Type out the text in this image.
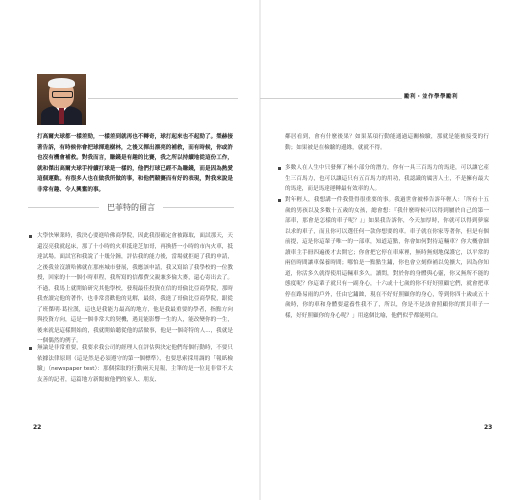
打高爾夫球都一樣差勁，一樣差到就再也不轉奇，球打起來也不起勁了。榮赫接著告訴，有時候你會把球揮進樹林，之後又揮出漂亮的補救，而有時候，你或許也沒有機會補救。對我而言，賺錢是有趣的比賽，我之所以持續地從這份工作，就和傑出高爾夫球手持續打球是一樣的，他們打球已經不為賺錢，而是因為熱愛這個運動。有很多人也在做我所做的事，和他們競賽而有好的表現，對我來說是非常有趣、令人興奮的事。

巴菲特的留言

大學快畢業時，我決心要進哈佛商學院，因此我很確定會被錄取，面試那天，天還沒亮我就起床，那了十小時的火車抵達芝加哥，再換搭一小時的市內火車，抵達試場。面試官和我說了十幾分鐘，評估我的能力後，當場就拒絕了我的申請，之後我並沒讀哈佛就在那座城市發展，我應該申請，我又寫給了我學校的一位教授，回家的十一個小時車程，我所寫的信都費父親兼多倫大麥，還心寄出去了。不過，我馬上就開始研究其他學校，發現最佳投資在信的哥倫比亞商學院，那時我查讀完他的著作，也非常喜歡他的見解，最終，我進了哥倫比亞商學院，跟從了班傑明‧葛拉漢，這也是我能力最高的地方，他是我最重要的學者，指點方向與投資方向，這是一個非常大的契機，遇見能影響一生的人，能改變你的一生，後來就是這樣開始的，我就開始聽從他的話做事，他是一個奇特的人...，我就是一個偶然的例子。

無論是非常重要，我要求我公司的經理人在評估與決定他們每個行動時，不要只依據法律原則（這是然是必須遵守的第一個標準），也要思索採用調的「報紙檢驗」（newspaper test）：那個採取的行動兩天見報，主筆的是一位見非常不太友善的記者，這篇地方新聞被他們的家人、朋友、

22
勵利・並作學學勵利

鄰居看到，會有什麼後果？如果某項行動能通過這關檢驗，那就是能被接受的行動；如果被是在檢驗的邊緣，就就不得。

多數人在人生中只發揮了極小部分的潛力，你有一具三百馬力的馬達，可以讓它產生三百馬力，也可以讓這只有五百馬力的用功，我認識的厲害人士，不是擁有最大的馬達，而是馬達運轉最有效率的人。

對年輕人，我想講一件我覺得很重要的事。我過世會被棒告訴年輕人：「所有十五歲的男孩以及多數十五歲的女孩，總會想：『我什麼時候可以得到屬於自己的第一部車，那會是怎樣的車子呢？』」如果我告訴你，今天加厚時，你就可以得到夢寐以求的車子，而且你可以選任何一款你想要的車。車子就在你家等著你，但是有個前提，這是你這輩子唯一的一部車，知道這點，你會如何對待這輛車？你大概會細讀車主手冊四遍後才去開它；你會把它停在車庫裡，無時無刻地保護它，以平常的兩倍時間讓車保養時間；哪怕是一點點生鏽，你也會立刻修補以免擴大，因為你知道，你活多久就得使用這輛車多久。讀問，對於你的身體與心靈，你又無所不能的態度呢？你這輩子就只有一副身心，十六或十七歲的你不好好照顧它們，就會把車停在路易雨的戶外，任由它鏽蝕，現在不好好照顧你的身心，等到你四十歲或五十歲時，你的車和身體要還養性我不了，所以，你是不是該會照顧你的實貝車子一樣，好好照顧你的身心呢？」用遠個比喻，他們似乎都能明白。

23
